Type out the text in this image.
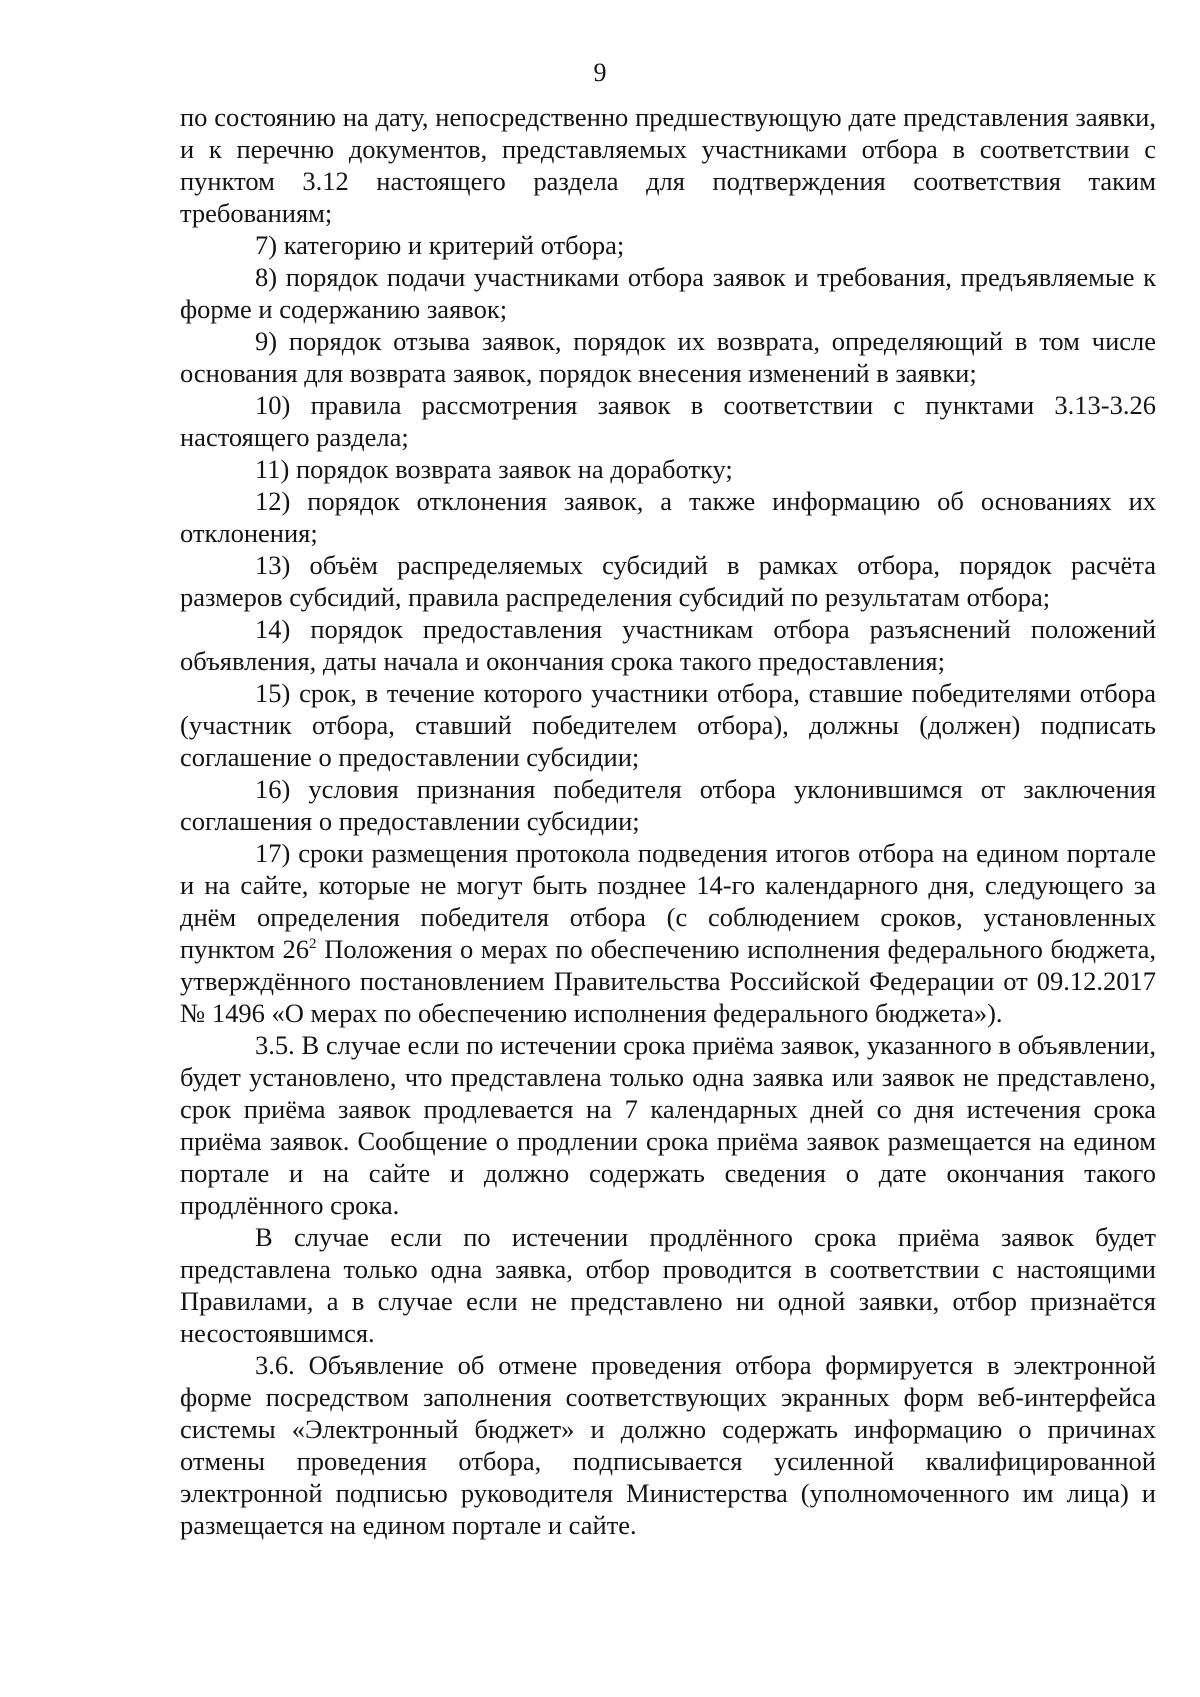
9

по состоянию на дату, непосредственно предшествующую дате представления заявки, и к перечню документов, представляемых участниками отбора в соответствии с пунктом 3.12 настоящего раздела для подтверждения соответствия таким требованиям;

7) категорию и критерий отбора;

8) порядок подачи участниками отбора заявок и требования, предъявляемые к форме и содержанию заявок;

9) порядок отзыва заявок, порядок их возврата, определяющий в том числе основания для возврата заявок, порядок внесения изменений в заявки;

10) правила рассмотрения заявок в соответствии с пунктами 3.13-3.26 настоящего раздела;

11) порядок возврата заявок на доработку;

12) порядок отклонения заявок, а также информацию об основаниях их отклонения;

13) объём распределяемых субсидий в рамках отбора, порядок расчёта размеров субсидий, правила распределения субсидий по результатам отбора;

14) порядок предоставления участникам отбора разъяснений положений объявления, даты начала и окончания срока такого предоставления;

15) срок, в течение которого участники отбора, ставшие победителями отбора (участник отбора, ставший победителем отбора), должны (должен) подписать соглашение о предоставлении субсидии;

16) условия признания победителя отбора уклонившимся от заключения соглашения о предоставлении субсидии;

17) сроки размещения протокола подведения итогов отбора на едином портале и на сайте, которые не могут быть позднее 14-го календарного дня, следующего за днём определения победителя отбора (с соблюдением сроков, установленных пунктом $26^2$ Положения о мерах по обеспечению исполнения федерального бюджета, утверждённого постановлением Правительства Российской Федерации от 09.12.2017 № 1496 «О мерах по обеспечению исполнения федерального бюджета»).

3.5. В случае если по истечении срока приёма заявок, указанного в объявлении, будет установлено, что представлена только одна заявка или заявок не представлено, срок приёма заявок продлевается на 7 календарных дней со дня истечения срока приёма заявок. Сообщение о продлении срока приёма заявок размещается на едином портале и на сайте и должно содержать сведения о дате окончания такого продлённого срока.

В случае если по истечении продлённого срока приёма заявок будет представлена только одна заявка, отбор проводится в соответствии с настоящими Правилами, а в случае если не представлено ни одной заявки, отбор признаётся несостоявшимся.

3.6. Объявление об отмене проведения отбора формируется в электронной форме посредством заполнения соответствующих экранных форм веб-интерфейса системы «Электронный бюджет» и должно содержать информацию о причинах отмены проведения отбора, подписывается усиленной квалифицированной электронной подписью руководителя Министерства (уполномоченного им лица) и размещается на едином портале и сайте.
